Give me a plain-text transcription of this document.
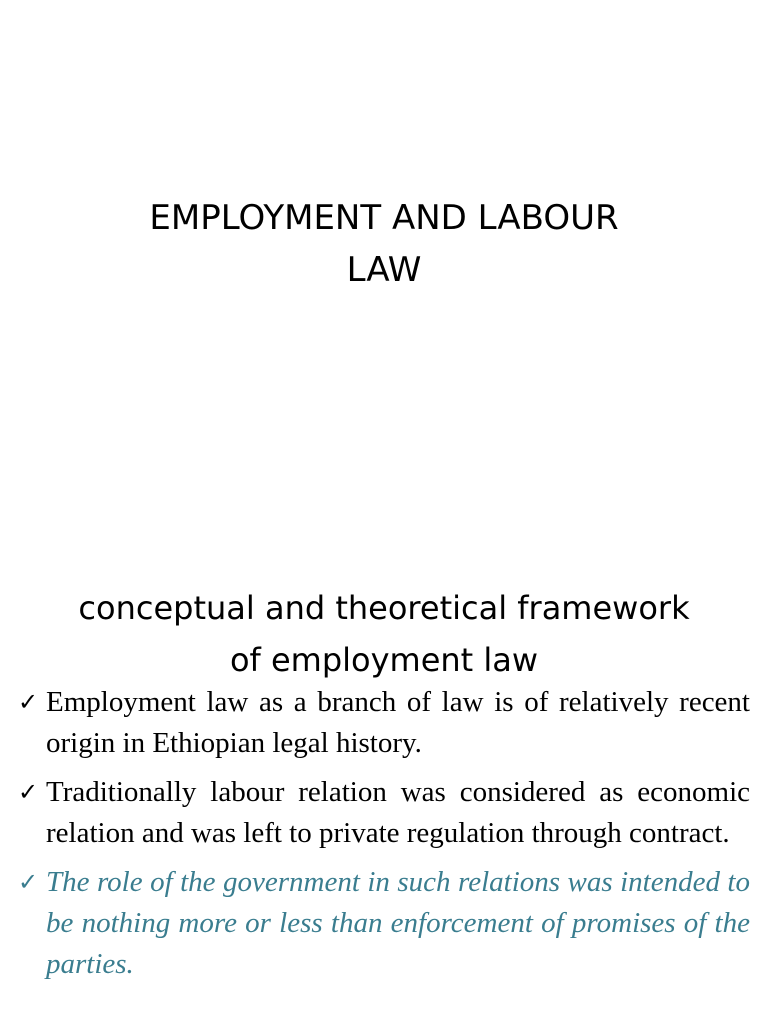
EMPLOYMENT AND LABOUR
LAW
conceptual and theoretical framework
of employment law
✓ Employment law as a branch of law is of relatively recent origin in Ethiopian legal history.
✓ Traditionally labour relation was considered as economic relation and was left to private regulation through contract.
✓ The role of the government in such relations was intended to be nothing more or less than enforcement of promises of the parties.
